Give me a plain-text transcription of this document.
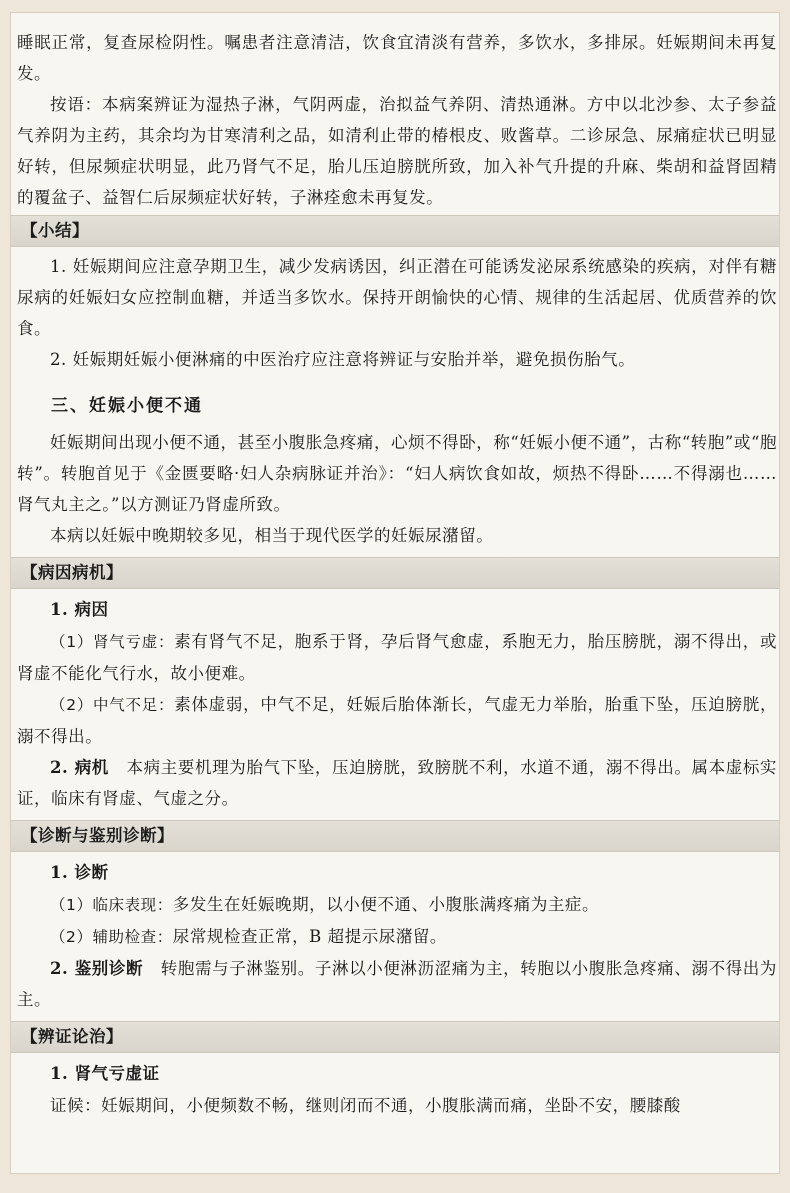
睡眠正常，复查尿检阴性。嘱患者注意清洁，饮食宜清淡有营养，多饮水，多排尿。妊娠期间未再复发。

按语：本病案辨证为湿热子淋，气阴两虚，治拟益气养阴、清热通淋。方中以北沙参、太子参益气养阴为主药，其余均为甘寒清利之品，如清利止带的椿根皮、败酱草。二诊尿急、尿痛症状已明显好转，但尿频症状明显，此乃肾气不足，胎儿压迫膀胱所致，加入补气升提的升麻、柴胡和益肾固精的覆盆子、益智仁后尿频症状好转，子淋痊愈未再复发。

【小结】

1. 妊娠期间应注意孕期卫生，减少发病诱因，纠正潜在可能诱发泌尿系统感染的疾病，对伴有糖尿病的妊娠妇女应控制血糖，并适当多饮水。保持开朗愉快的心情、规律的生活起居、优质营养的饮食。

2. 妊娠期妊娠小便淋痛的中医治疗应注意将辨证与安胎并举，避免损伤胎气。

三、妊娠小便不通

妊娠期间出现小便不通，甚至小腹胀急疼痛，心烦不得卧，称“妊娠小便不通”，古称“转胞”或“胞转”。转胞首见于《金匮要略·妇人杂病脉证并治》：“妇人病饮食如故，烦热不得卧……不得溺也……肾气丸主之。”以方测证乃肾虚所致。

本病以妊娠中晚期较多见，相当于现代医学的妊娠尿潴留。

【病因病机】
1. 病因

（1）肾气亏虚：素有肾气不足，胞系于肾，孕后肾气愈虚，系胞无力，胎压膀胱，溺不得出，或肾虚不能化气行水，故小便难。

（2）中气不足：素体虚弱，中气不足，妊娠后胎体渐长，气虚无力举胎，胎重下坠，压迫膀胱，溺不得出。

2. 病机 本病主要机理为胎气下坠，压迫膀胱，致膀胱不利，水道不通，溺不得出。属本虚标实证，临床有肾虚、气虚之分。

【诊断与鉴别诊断】
1. 诊断

（1）临床表现：多发生在妊娠晚期，以小便不通、小腹胀满疼痛为主症。

（2）辅助检查：尿常规检查正常，B 超提示尿潴留。

2. 鉴别诊断 转胞需与子淋鉴别。子淋以小便淋沥涩痛为主，转胞以小腹胀急疼痛、溺不得出为主。

【辨证论治】
1. 肾气亏虚证

证候：妊娠期间，小便频数不畅，继则闭而不通，小腹胀满而痛，坐卧不安，腰膝酸
